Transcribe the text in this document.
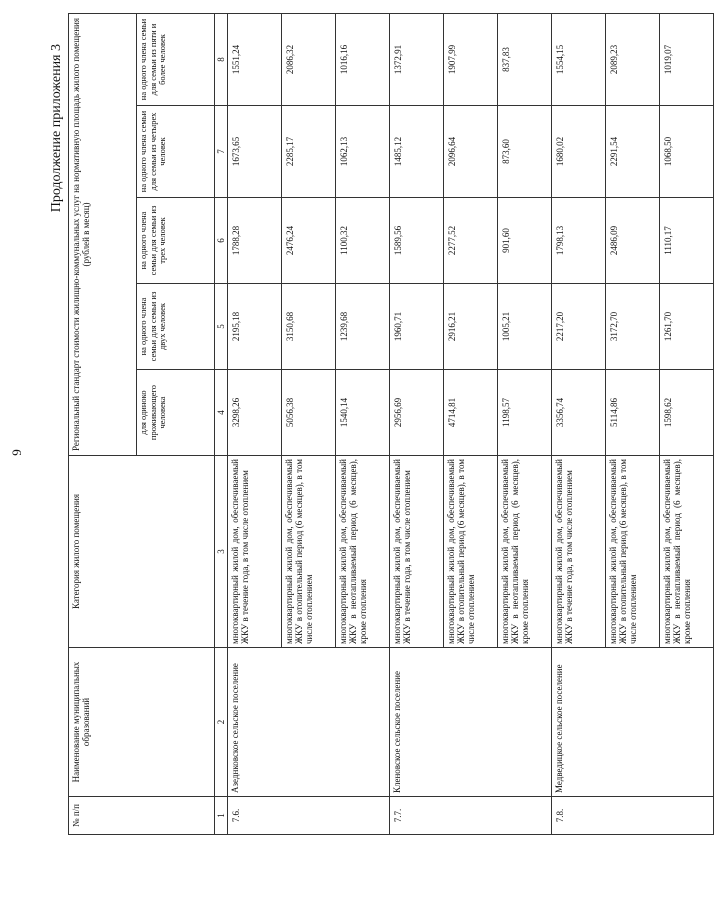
9
Продолжение приложения 3
№ п/п	Наименование муниципальных образований	Категория жилого помещения	Региональный стандарт стоимости жилищно-коммунальных услуг на нормативную площадь жилого помещения (рублей в месяц)				
			для одиноко проживающего человека	на одного члена семьи для семьи из двух человек	на одного члена семьи для семьи из трех человек	на одного члена семьи для семьи из четырех человек	на одного члена семьи для семьи из пяти и более человек
1	2	3	4	5	6	7	8
7.6.	Азеднковское сельское поселение	многоквартирный жилой дом, обеспечиваемый ЖКУ в течение года, в том числе отоплением	3298,26	2195,18	1788,28	1673,65	1551,24
		многоквартирный жилой дом, обеспечиваемый ЖКУ в отопительный период (6 месяцев), в том числе отоплением	5056,38	3150,68	2476,24	2285,17	2086,32
		многоквартирный жилой дом, обеспечиваемый ЖКУ в неотапливаемый период (6 месяцев), кроме отопления	1540,14	1239,68	1100,32	1062,13	1016,16
7.7.	Кленовское сельское поселение	многоквартирный жилой дом, обеспечиваемый ЖКУ в течение года, в том числе отоплением	2956,69	1960,71	1589,56	1485,12	1372,91
		многоквартирный жилой дом, обеспечиваемый ЖКУ в отопительный период (6 месяцев), в том числе отоплением	4714,81	2916,21	2277,52	2096,64	1907,99
		многоквартирный жилой дом, обеспечиваемый ЖКУ в неотапливаемый период (6 месяцев), кроме отопления	1198,57	1005,21	901,60	873,60	837,83
7.8.	Медведицкое сельское поселение	многоквартирный жилой дом, обеспечиваемый ЖКУ в течение года, в том числе отоплением	3356,74	2217,20	1798,13	1680,02	1554,15
		многоквартирный жилой дом, обеспечиваемый ЖКУ в отопительный период (6 месяцев), в том числе отоплением	5114,86	3172,70	2486,09	2291,54	2089,23
		многоквартирный жилой дом, обеспечиваемый ЖКУ в неотапливаемый период (6 месяцев), кроме отопления	1598,62	1261,70	1110,17	1068,50	1019,07
